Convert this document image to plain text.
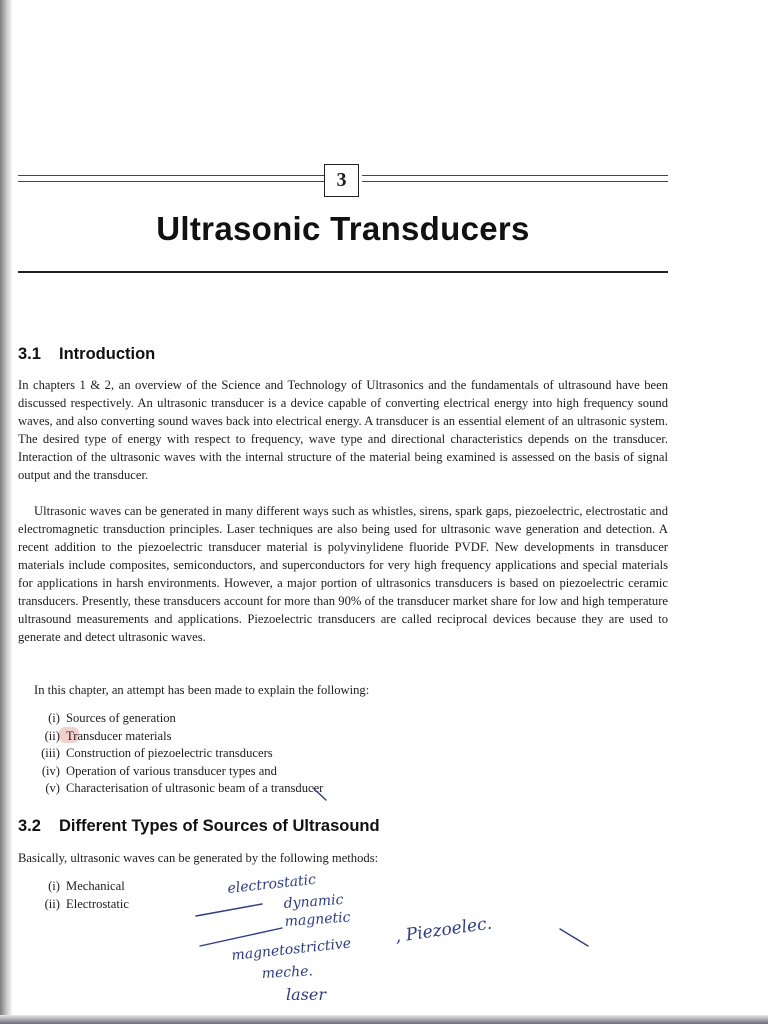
3
Ultrasonic Transducers
3.1 Introduction

In chapters 1 & 2, an overview of the Science and Technology of Ultrasonics and the fundamentals of ultrasound have been discussed respectively. An ultrasonic transducer is a device capable of converting electrical energy into high frequency sound waves, and also converting sound waves back into electrical energy. A transducer is an essential element of an ultrasonic system. The desired type of energy with respect to frequency, wave type and directional characteristics depends on the transducer. Interaction of the ultrasonic waves with the internal structure of the material being examined is assessed on the basis of signal output and the transducer.

Ultrasonic waves can be generated in many different ways such as whistles, sirens, spark gaps, piezoelectric, electrostatic and electromagnetic transduction principles. Laser techniques are also being used for ultrasonic wave generation and detection. A recent addition to the piezoelectric transducer material is polyvinylidene fluoride PVDF. New developments in transducer materials include composites, semiconductors, and superconductors for very high frequency applications and special materials for applications in harsh environments. However, a major portion of ultrasonics transducers is based on piezoelectric ceramic transducers. Presently, these transducers account for more than 90% of the transducer market share for low and high temperature ultrasound measurements and applications. Piezoelectric transducers are called reciprocal devices because they are used to generate and detect ultrasonic waves.

In this chapter, an attempt has been made to explain the following:

(i) Sources of generation
(ii) Transducer materials
(iii) Construction of piezoelectric transducers
(iv) Operation of various transducer types and
(v) Characterisation of ultrasonic beam of a transducer
3.2 Different Types of Sources of Ultrasound

Basically, ultrasonic waves can be generated by the following methods:

(i) Mechanical
(ii) Electrostatic
electrostatic
dynamic
magnetic
magnetostrictive
, Piezoelec.
meche.
laser
